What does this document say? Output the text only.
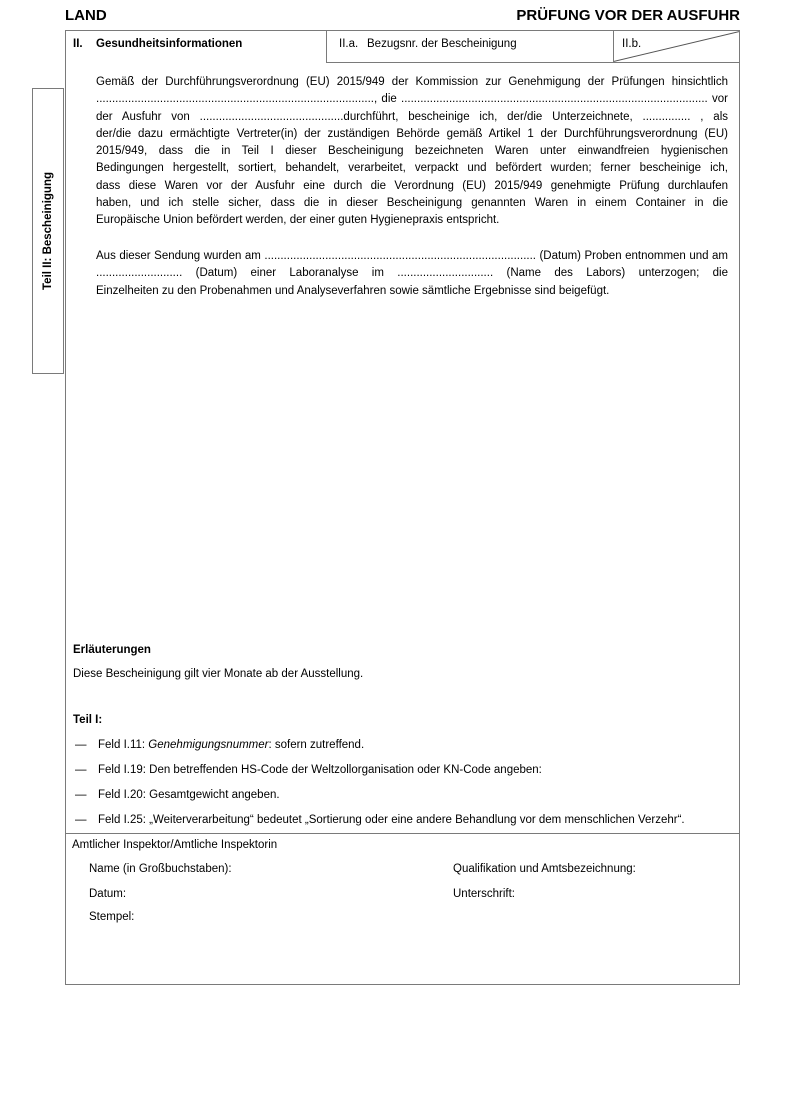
LAND	PRÜFUNG VOR DER AUSFUHR
Teil II: Bescheinigung
II. Gesundheitsinformationen	II.a. Bezugsnr. der Bescheinigung	II.b.
Gemäß der Durchführungsverordnung (EU) 2015/949 der Kommission zur Genehmigung der Prüfungen hinsichtlich
......................................................................................., die ................................................................................................ vor
der Ausfuhr von .............................................durchführt, bescheinige ich, der/die Unterzeichnete, ............... , als
der/die dazu ermächtigte Vertreter(in) der zuständigen Behörde gemäß Artikel 1 der Durchführungsverordnung (EU)
2015/949, dass die in Teil I dieser Bescheinigung bezeichneten Waren unter einwandfreien hygienischen
Bedingungen hergestellt, sortiert, behandelt, verarbeitet, verpackt und befördert wurden; ferner bescheinige ich,
dass diese Waren vor der Ausfuhr eine durch die Verordnung (EU) 2015/949 genehmigte Prüfung durchlaufen
haben, und ich stelle sicher, dass die in dieser Bescheinigung genannten Waren in einem Container in die
Europäische Union befördert werden, der einer guten Hygienepraxis entspricht.
Aus dieser Sendung wurden am ..................................................................................... (Datum) Proben entnommen und am
........................... (Datum) einer Laboranalyse im .............................. (Name des Labors) unterzogen; die
Einzelheiten zu den Probenahmen und Analyseverfahren sowie sämtliche Ergebnisse sind beigefügt.
Erläuterungen
Diese Bescheinigung gilt vier Monate ab der Ausstellung.
Teil I:
— Feld I.11: Genehmigungsnummer: sofern zutreffend.
— Feld I.19: Den betreffenden HS-Code der Weltzollorganisation oder KN-Code angeben:
— Feld I.20: Gesamtgewicht angeben.
— Feld I.25: „Weiterverarbeitung“ bedeutet „Sortierung oder eine andere Behandlung vor dem menschlichen Verzehr“.
Amtlicher Inspektor/Amtliche Inspektorin
Name (in Großbuchstaben):	Qualifikation und Amtsbezeichnung:
Datum:	Unterschrift:
Stempel:
